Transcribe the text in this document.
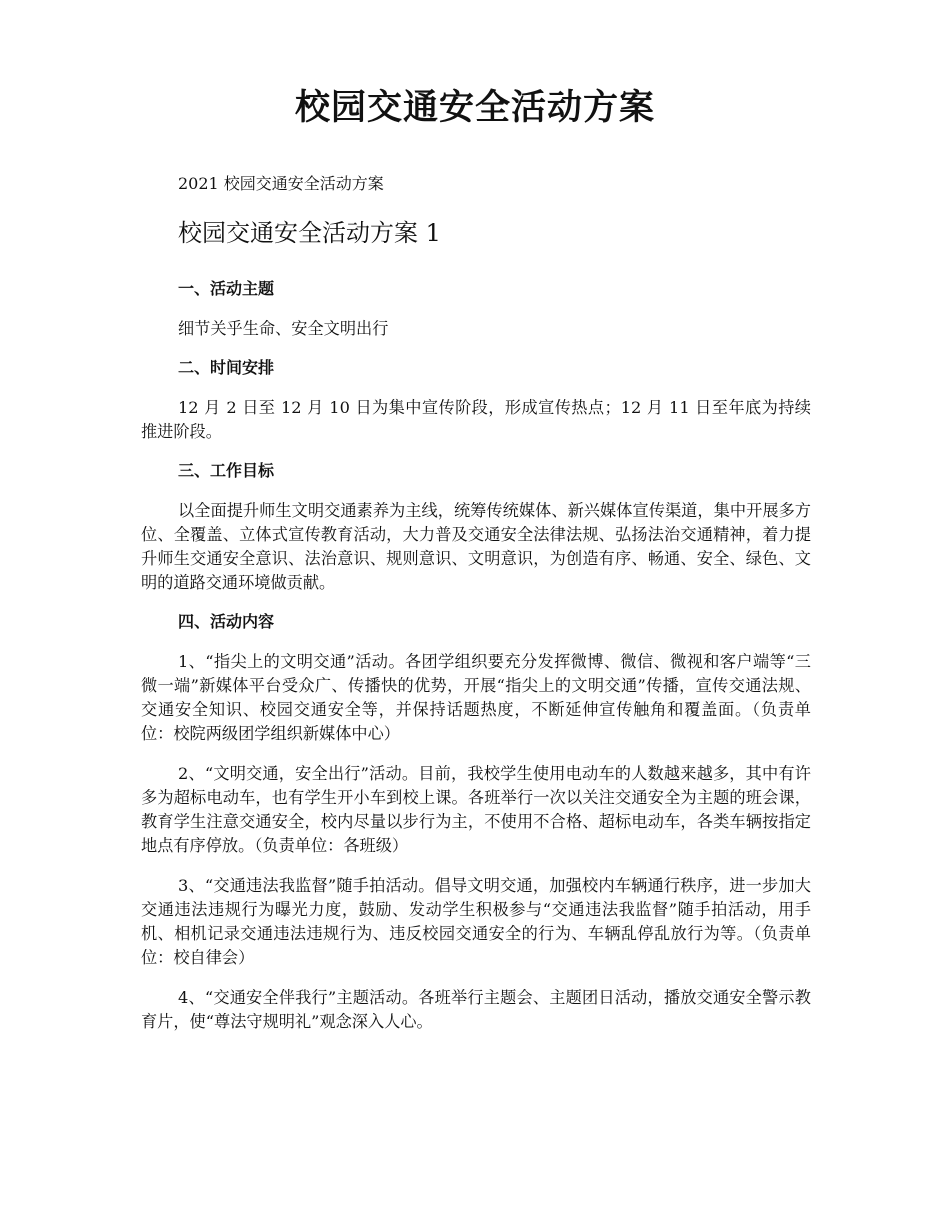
校园交通安全活动方案

2021 校园交通安全活动方案

校园交通安全活动方案 1
一、活动主题

细节关乎生命、安全文明出行

二、时间安排

12 月 2 日至 12 月 10 日为集中宣传阶段，形成宣传热点；12 月 11 日至年底为持续推进阶段。

三、工作目标

以全面提升师生文明交通素养为主线，统筹传统媒体、新兴媒体宣传渠道，集中开展多方位、全覆盖、立体式宣传教育活动，大力普及交通安全法律法规、弘扬法治交通精神，着力提升师生交通安全意识、法治意识、规则意识、文明意识，为创造有序、畅通、安全、绿色、文明的道路交通环境做贡献。

四、活动内容

1、“指尖上的文明交通”活动。各团学组织要充分发挥微博、微信、微视和客户端等“三微一端”新媒体平台受众广、传播快的优势，开展“指尖上的文明交通”传播，宣传交通法规、交通安全知识、校园交通安全等，并保持话题热度，不断延伸宣传触角和覆盖面。（负责单位：校院两级团学组织新媒体中心）

2、“文明交通，安全出行”活动。目前，我校学生使用电动车的人数越来越多，其中有许多为超标电动车，也有学生开小车到校上课。各班举行一次以关注交通安全为主题的班会课，教育学生注意交通安全，校内尽量以步行为主，不使用不合格、超标电动车，各类车辆按指定地点有序停放。（负责单位：各班级）

3、“交通违法我监督”随手拍活动。倡导文明交通，加强校内车辆通行秩序，进一步加大交通违法违规行为曝光力度，鼓励、发动学生积极参与“交通违法我监督”随手拍活动，用手机、相机记录交通违法违规行为、违反校园交通安全的行为、车辆乱停乱放行为等。（负责单位：校自律会）

4、“交通安全伴我行”主题活动。各班举行主题会、主题团日活动，播放交通安全警示教育片，使“尊法守规明礼”观念深入人心。
